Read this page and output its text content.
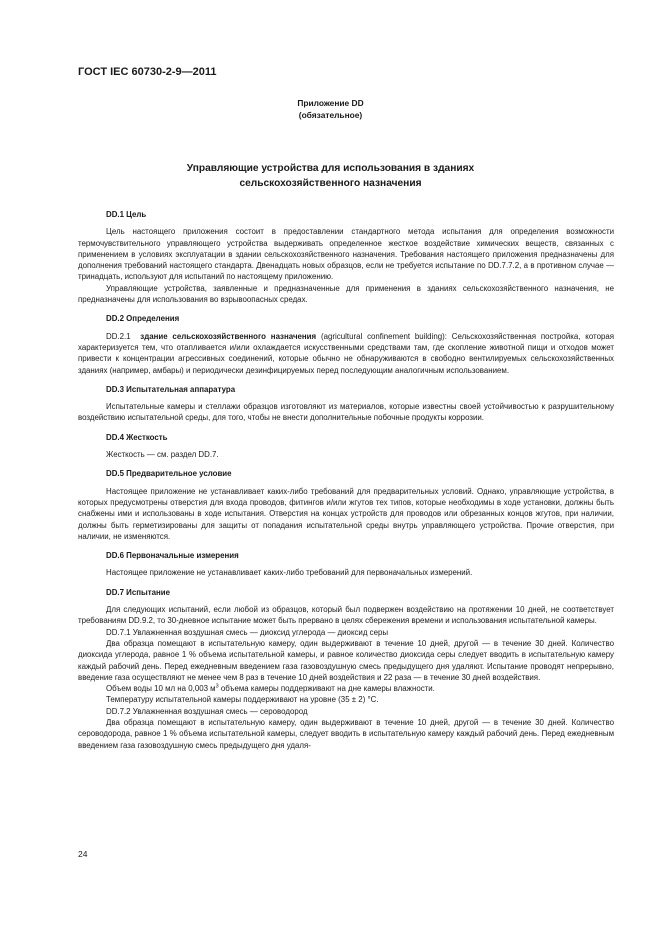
ГОСТ IEC 60730-2-9—2011
Приложение DD
(обязательное)
Управляющие устройства для использования в зданиях
сельскохозяйственного назначения
DD.1 Цель

Цель настоящего приложения состоит в предоставлении стандартного метода испытания для определения возможности термочувствительного управляющего устройства выдерживать определенное жесткое воздействие химических веществ, связанных с применением в условиях эксплуатации в здании сельскохозяйственного назначения. Требования настоящего приложения предназначены для дополнения требований настоящего стандарта. Двенадцать новых образцов, если не требуется испытание по DD.7.7.2, а в противном случае — тринадцать, используют для испытаний по настоящему приложению.

Управляющие устройства, заявленные и предназначенные для применения в зданиях сельскохозяйственного назначения, не предназначены для использования во взрывоопасных средах.

DD.2 Определения

DD.2.1 здание сельскохозяйственного назначения (agricultural confinement building): Сельскохозяйственная постройка, которая характеризуется тем, что отапливается и/или охлаждается искусственными средствами там, где скопление животной пищи и отходов может привести к концентрации агрессивных соединений, которые обычно не обнаруживаются в свободно вентилируемых сельскохозяйственных зданиях (например, амбары) и периодически дезинфицируемых перед последующим аналогичным использованием.

DD.3 Испытательная аппаратура

Испытательные камеры и стеллажи образцов изготовляют из материалов, которые известны своей устойчивостью к разрушительному воздействию испытательной среды, для того, чтобы не внести дополнительные побочные продукты коррозии.

DD.4 Жесткость

Жесткость — см. раздел DD.7.

DD.5 Предварительное условие

Настоящее приложение не устанавливает каких-либо требований для предварительных условий. Однако, управляющие устройства, в которых предусмотрены отверстия для входа проводов, фитингов и/или жгутов тех типов, которые необходимы в ходе установки, должны быть снабжены ими и использованы в ходе испытания. Отверстия на концах устройств для проводов или обрезанных концов жгутов, при наличии, должны быть герметизированы для защиты от попадания испытательной среды внутрь управляющего устройства. Прочие отверстия, при наличии, не изменяются.

DD.6 Первоначальные измерения

Настоящее приложение не устанавливает каких-либо требований для первоначальных измерений.

DD.7 Испытание

Для следующих испытаний, если любой из образцов, который был подвержен воздействию на протяжении 10 дней, не соответствует требованиям DD.9.2, то 30-дневное испытание может быть прервано в целях сбережения времени и использования испытательной камеры.

DD.7.1 Увлажненная воздушная смесь — диоксид углерода — диоксид серы

Два образца помещают в испытательную камеру, один выдерживают в течение 10 дней, другой — в течение 30 дней. Количество диоксида углерода, равное 1 % объема испытательной камеры, и равное количество диоксида серы следует вводить в испытательную камеру каждый рабочий день. Перед ежедневным введением газа газовоздушную смесь предыдущего дня удаляют. Испытание проводят непрерывно, введение газа осуществляют не менее чем 8 раз в течение 10 дней воздействия и 22 раза — в течение 30 дней воздействия.

Объем воды 10 мл на 0,003 $м^3$ объема камеры поддерживают на дне камеры влажности.

Температуру испытательной камеры поддерживают на уровне (35 ± 2) °С.

DD.7.2 Увлажненная воздушная смесь — сероводород

Два образца помещают в испытательную камеру, один выдерживают в течение 10 дней, другой — в течение 30 дней. Количество сероводорода, равное 1 % объема испытательной камеры, следует вводить в испытательную камеру каждый рабочий день. Перед ежедневным введением газа газовоздушную смесь предыдущего дня удаля-

24
